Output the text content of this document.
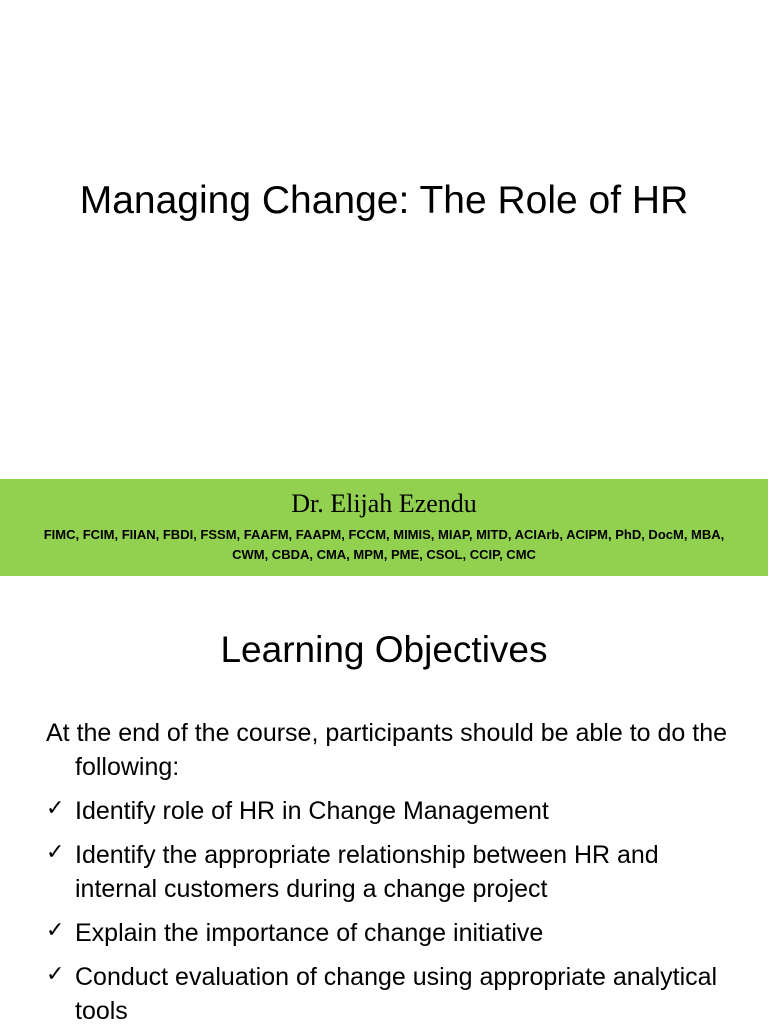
Managing Change: The Role of HR
Dr. Elijah Ezendu
FIMC, FCIM, FIIAN, FBDI, FSSM, FAAFM, FAAPM, FCCM, MIMIS, MIAP, MITD, ACIArb, ACIPM, PhD, DocM, MBA, CWM, CBDA, CMA, MPM, PME, CSOL, CCIP, CMC
Learning Objectives

At the end of the course, participants should be able to do the following:

✓ Identify role of HR in Change Management
✓ Identify the appropriate relationship between HR and internal customers during a change project
✓ Explain the importance of change initiative
✓ Conduct evaluation of change using appropriate analytical tools
